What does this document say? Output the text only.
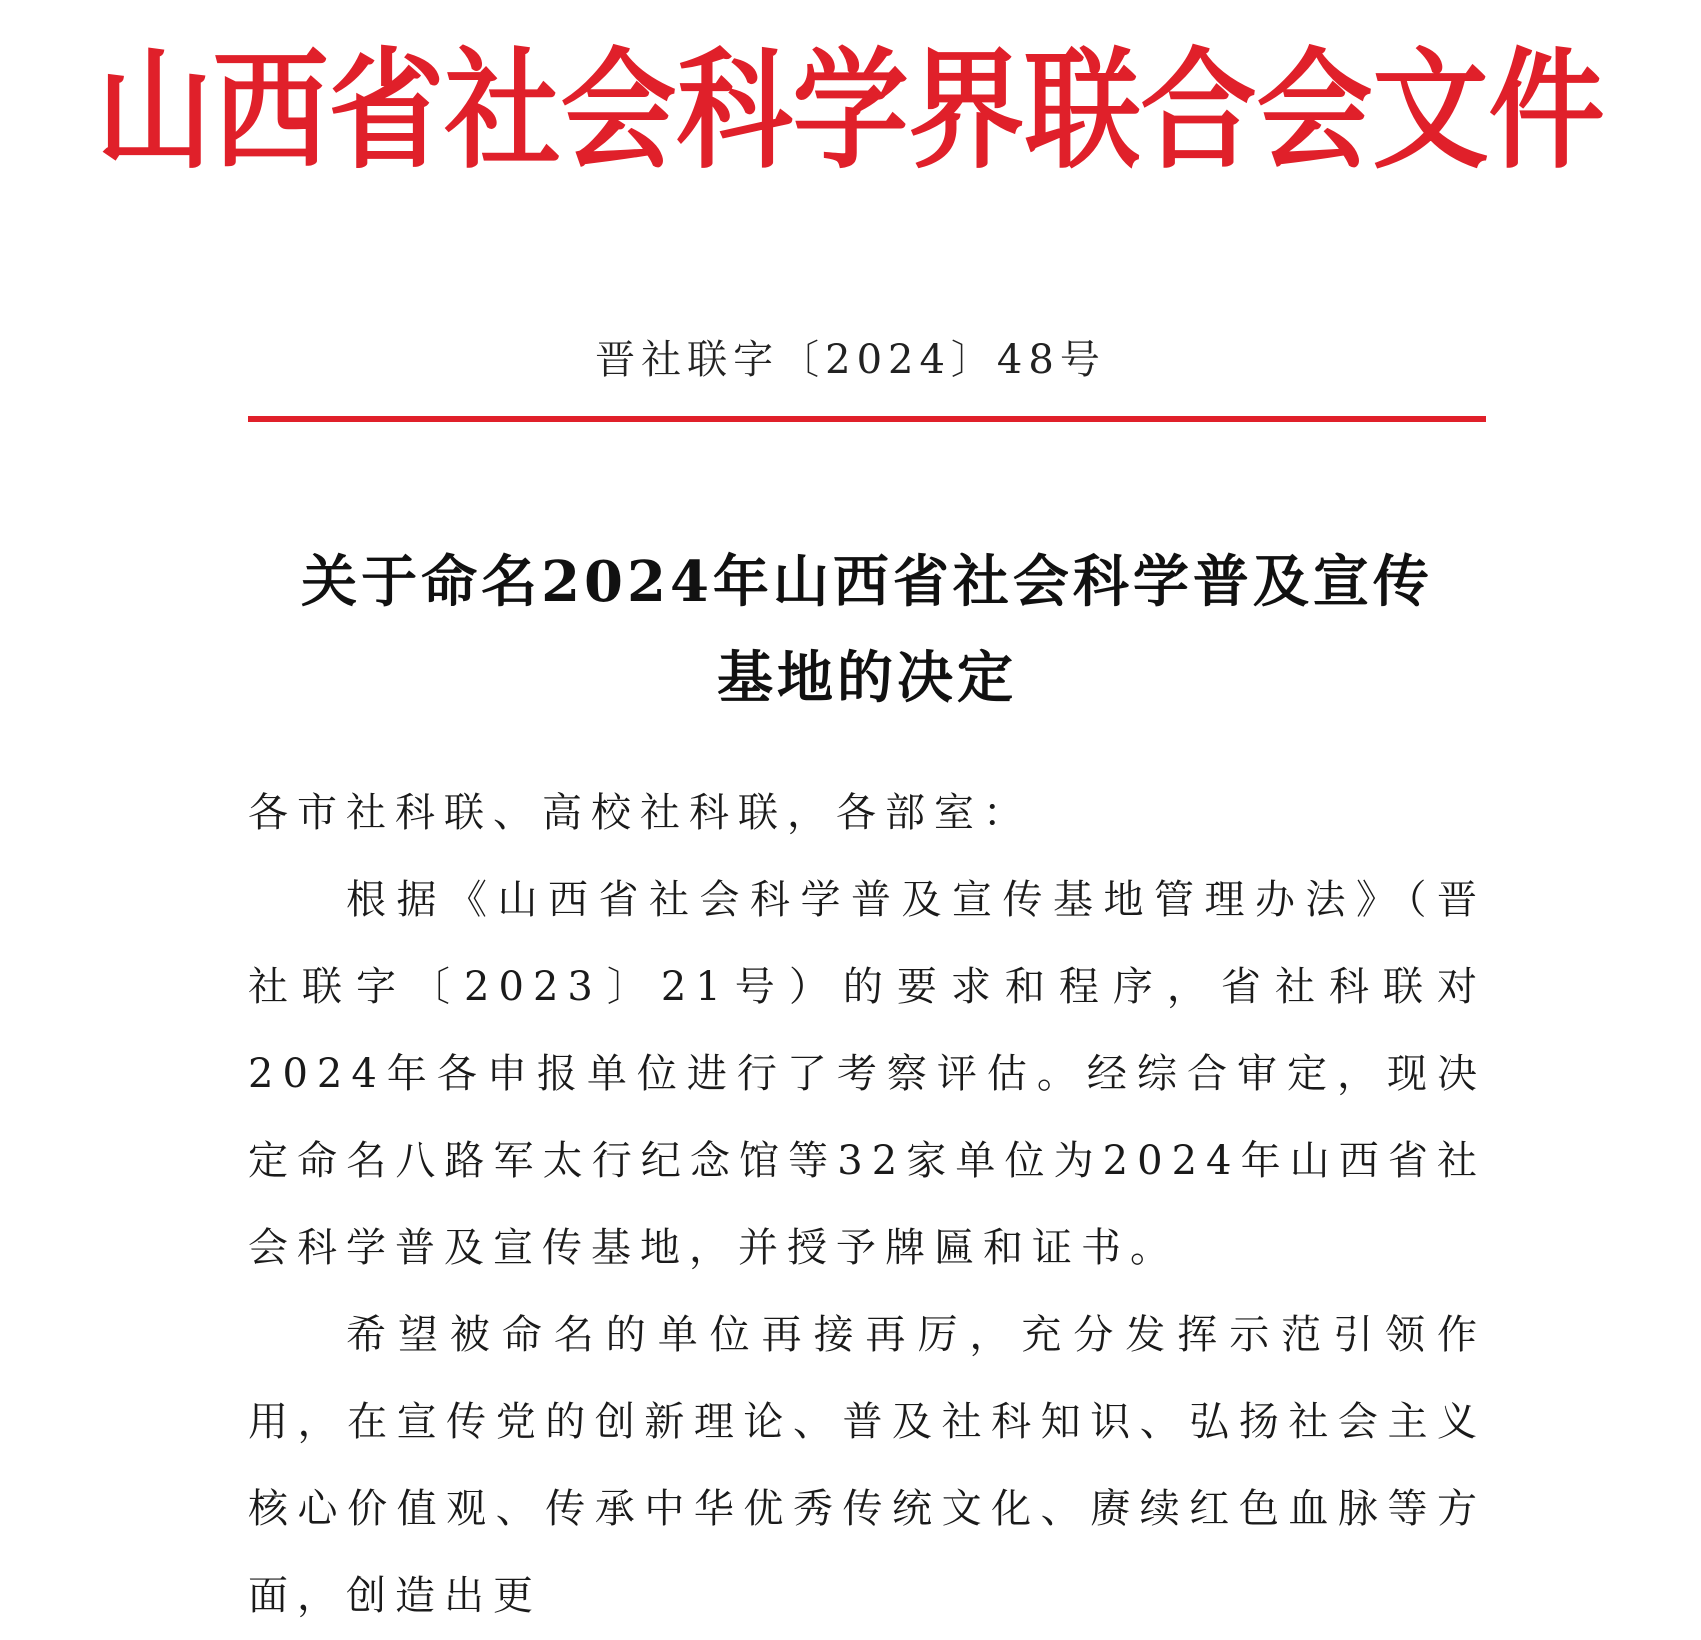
山西省社会科学界联合会文件
晋社联字〔2024〕48号
关于命名2024年山西省社会科学普及宣传
基地的决定

各市社科联、高校社科联，各部室：

根据《山西省社会科学普及宣传基地管理办法》（晋社联字〔2023〕21号）的要求和程序，省社科联对2024年各申报单位进行了考察评估。经综合审定，现决定命名八路军太行纪念馆等32家单位为2024年山西省社会科学普及宣传基地，并授予牌匾和证书。

希望被命名的单位再接再厉，充分发挥示范引领作用，在宣传党的创新理论、普及社科知识、弘扬社会主义核心价值观、传承中华优秀传统文化、赓续红色血脉等方面，创造出更
